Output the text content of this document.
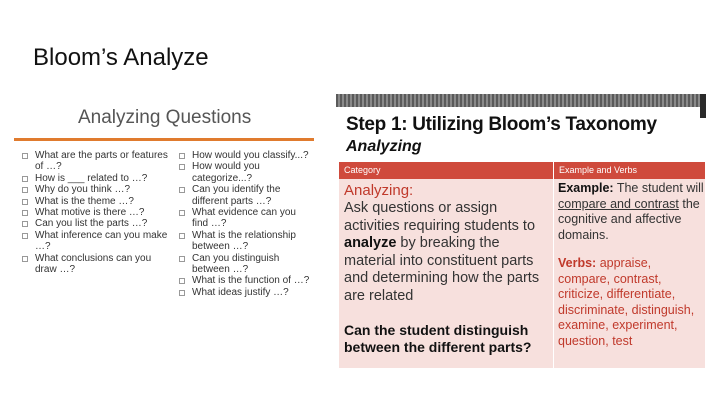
Bloom’s Analyze
Analyzing Questions
What are the parts or features of …?
How is ___ related to …?
Why do you think …?
What is the theme …?
What motive is there …?
Can you list the parts …?
What inference can you make …?
What conclusions can you draw …?
How would you classify...?
How would you categorize...?
Can you identify the different parts …?
What evidence can you find …?
What is the relationship between …?
Can you distinguish between …?
What is the function of …?
What ideas justify …?
Step 1: Utilizing Bloom’s Taxonomy
Analyzing
Category	Example and Verbs
Analyzing:
Ask questions or assign activities requiring students to analyze by breaking the material into constituent parts and determining how the parts are related
Can the student distinguish between the different parts?
Example: The student will compare and contrast the cognitive and affective domains.
Verbs: appraise, compare, contrast, criticize, differentiate, discriminate, distinguish, examine, experiment, question, test
